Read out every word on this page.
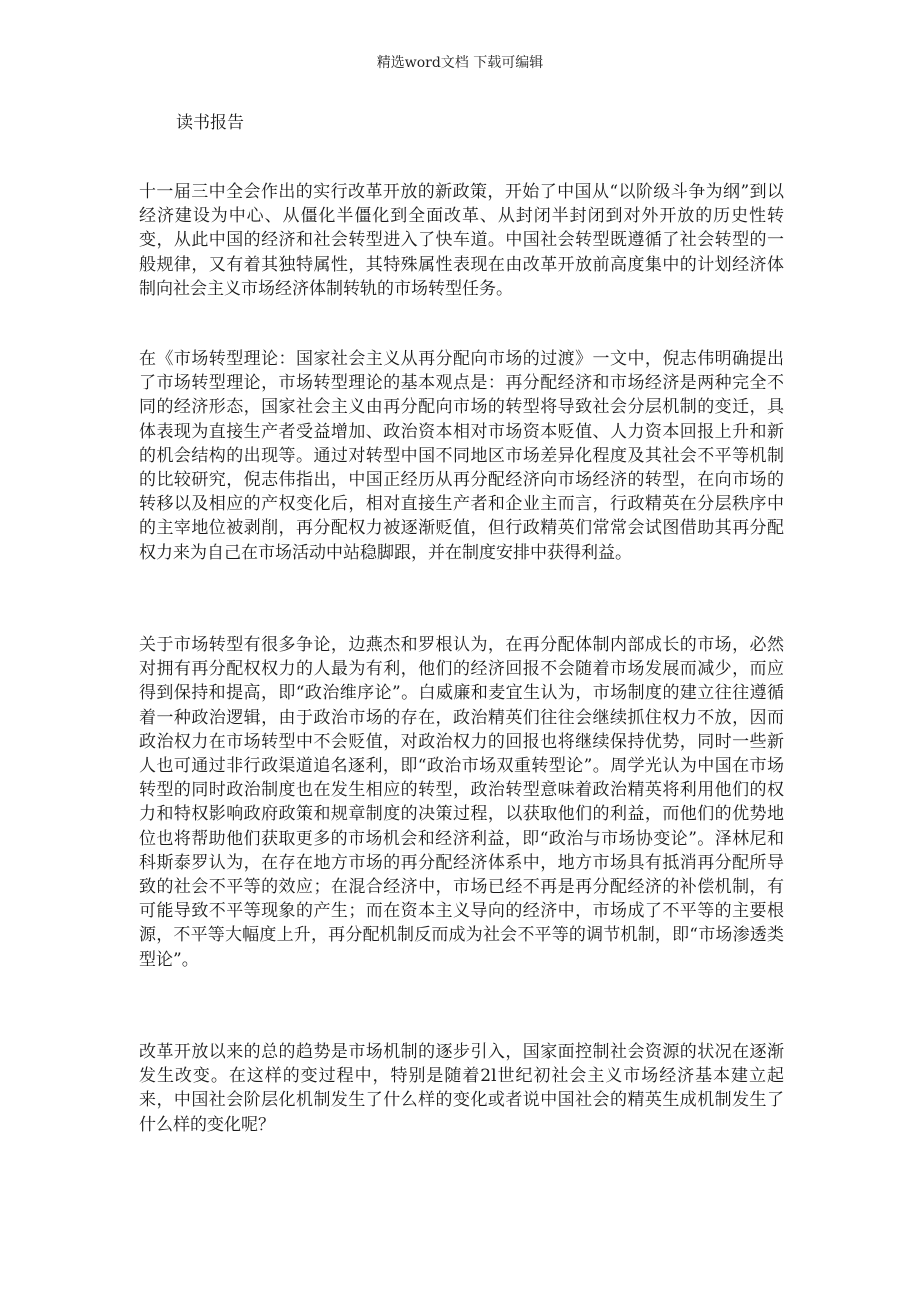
精选word文档 下载可编辑
读书报告

十一届三中全会作出的实行改革开放的新政策，开始了中国从“以阶级斗争为纲”到以经济建设为中心、从僵化半僵化到全面改革、从封闭半封闭到对外开放的历史性转变，从此中国的经济和社会转型进入了快车道。中国社会转型既遵循了社会转型的一般规律，又有着其独特属性，其特殊属性表现在由改革开放前高度集中的计划经济体制向社会主义市场经济体制转轨的市场转型任务。

在《市场转型理论：国家社会主义从再分配向市场的过渡》一文中，倪志伟明确提出了市场转型理论，市场转型理论的基本观点是：再分配经济和市场经济是两种完全不同的经济形态，国家社会主义由再分配向市场的转型将导致社会分层机制的变迁，具体表现为直接生产者受益增加、政治资本相对市场资本贬值、人力资本回报上升和新的机会结构的出现等。通过对转型中国不同地区市场差异化程度及其社会不平等机制的比较研究，倪志伟指出，中国正经历从再分配经济向市场经济的转型，在向市场的转移以及相应的产权变化后，相对直接生产者和企业主而言，行政精英在分层秩序中的主宰地位被剥削，再分配权力被逐渐贬值，但行政精英们常常会试图借助其再分配权力来为自己在市场活动中站稳脚跟，并在制度安排中获得利益。

关于市场转型有很多争论，边燕杰和罗根认为，在再分配体制内部成长的市场，必然对拥有再分配权权力的人最为有利，他们的经济回报不会随着市场发展而减少，而应得到保持和提高，即“政治维序论”。白威廉和麦宜生认为，市场制度的建立往往遵循着一种政治逻辑，由于政治市场的存在，政治精英们往往会继续抓住权力不放，因而政治权力在市场转型中不会贬值，对政治权力的回报也将继续保持优势，同时一些新人也可通过非行政渠道追名逐利，即“政治市场双重转型论”。周学光认为中国在市场转型的同时政治制度也在发生相应的转型，政治转型意味着政治精英将利用他们的权力和特权影响政府政策和规章制度的决策过程，以获取他们的利益，而他们的优势地位也将帮助他们获取更多的市场机会和经济利益，即“政治与市场协变论”。泽林尼和科斯泰罗认为，在存在地方市场的再分配经济体系中，地方市场具有抵消再分配所导致的社会不平等的效应；在混合经济中，市场已经不再是再分配经济的补偿机制，有可能导致不平等现象的产生；而在资本主义导向的经济中，市场成了不平等的主要根源，不平等大幅度上升，再分配机制反而成为社会不平等的调节机制，即“市场渗透类型论”。

改革开放以来的总的趋势是市场机制的逐步引入，国家面控制社会资源的状况在逐渐发生改变。在这样的变过程中，特别是随着2l世纪初社会主义市场经济基本建立起来，中国社会阶层化机制发生了什么样的变化或者说中国社会的精英生成机制发生了什么样的变化呢？
